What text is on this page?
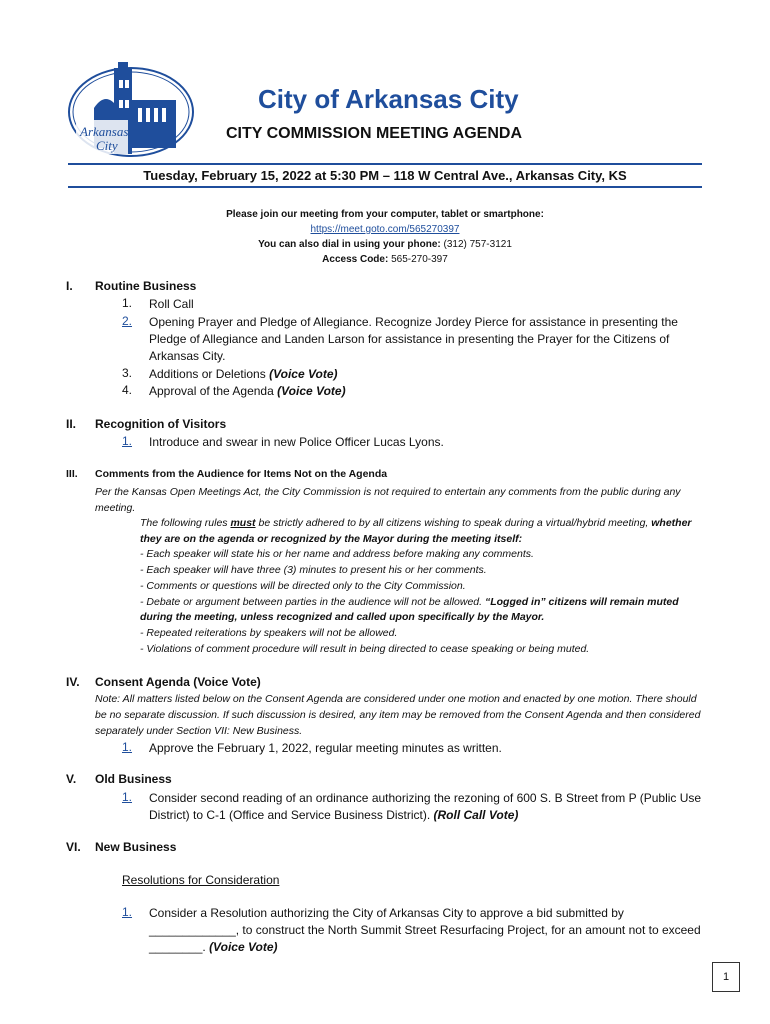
Arkansas
City
City of Arkansas City
CITY COMMISSION MEETING AGENDA
Tuesday, February 15, 2022 at 5:30 PM – 118 W Central Ave., Arkansas City, KS
Please join our meeting from your computer, tablet or smartphone:
https://meet.goto.com/565270397
You can also dial in using your phone: (312) 757-3121
Access Code: 565-270-397
I. Routine Business
1. Roll Call
2. Opening Prayer and Pledge of Allegiance. Recognize Jordey Pierce for assistance in presenting the Pledge of Allegiance and Landen Larson for assistance in presenting the Prayer for the Citizens of Arkansas City.
3. Additions or Deletions (Voice Vote)
4. Approval of the Agenda (Voice Vote)
II. Recognition of Visitors
1. Introduce and swear in new Police Officer Lucas Lyons.
III. Comments from the Audience for Items Not on the Agenda
Per the Kansas Open Meetings Act, the City Commission is not required to entertain any comments from the public during any meeting.
The following rules must be strictly adhered to by all citizens wishing to speak during a virtual/hybrid meeting, whether they are on the agenda or recognized by the Mayor during the meeting itself:
- Each speaker will state his or her name and address before making any comments.
- Each speaker will have three (3) minutes to present his or her comments.
- Comments or questions will be directed only to the City Commission.
- Debate or argument between parties in the audience will not be allowed. “Logged in” citizens will remain muted during the meeting, unless recognized and called upon specifically by the Mayor.
- Repeated reiterations by speakers will not be allowed.
- Violations of comment procedure will result in being directed to cease speaking or being muted.
IV. Consent Agenda (Voice Vote)
Note: All matters listed below on the Consent Agenda are considered under one motion and enacted by one motion. There should be no separate discussion. If such discussion is desired, any item may be removed from the Consent Agenda and then considered separately under Section VII: New Business.
1. Approve the February 1, 2022, regular meeting minutes as written.
V. Old Business
1. Consider second reading of an ordinance authorizing the rezoning of 600 S. B Street from P (Public Use District) to C-1 (Office and Service Business District). (Roll Call Vote)
VI. New Business
Resolutions for Consideration
1. Consider a Resolution authorizing the City of Arkansas City to approve a bid submitted by _____________, to construct the North Summit Street Resurfacing Project, for an amount not to exceed ________. (Voice Vote)
1
